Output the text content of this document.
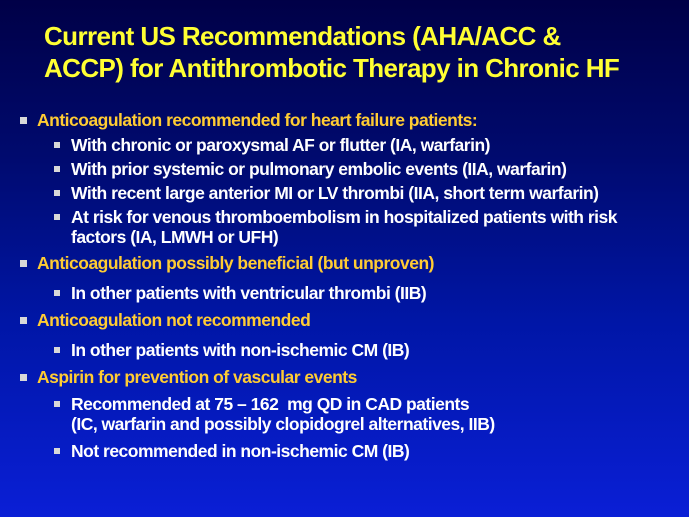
Current US Recommendations (AHA/ACC &
ACCP) for Antithrombotic Therapy in Chronic HF
Anticoagulation recommended for heart failure patients:
With chronic or paroxysmal AF or flutter (IA, warfarin)
With prior systemic or pulmonary embolic events (IIA, warfarin)
With recent large anterior MI or LV thrombi (IIA, short term warfarin)
At risk for venous thromboembolism in hospitalized patients with risk
factors (IA, LMWH or UFH)
Anticoagulation possibly beneficial (but unproven)
In other patients with ventricular thrombi (IIB)
Anticoagulation not recommended
In other patients with non-ischemic CM (IB)
Aspirin for prevention of vascular events
Recommended at 75 – 162  mg QD in CAD patients
(IC, warfarin and possibly clopidogrel alternatives, IIB)
Not recommended in non-ischemic CM (IB)
